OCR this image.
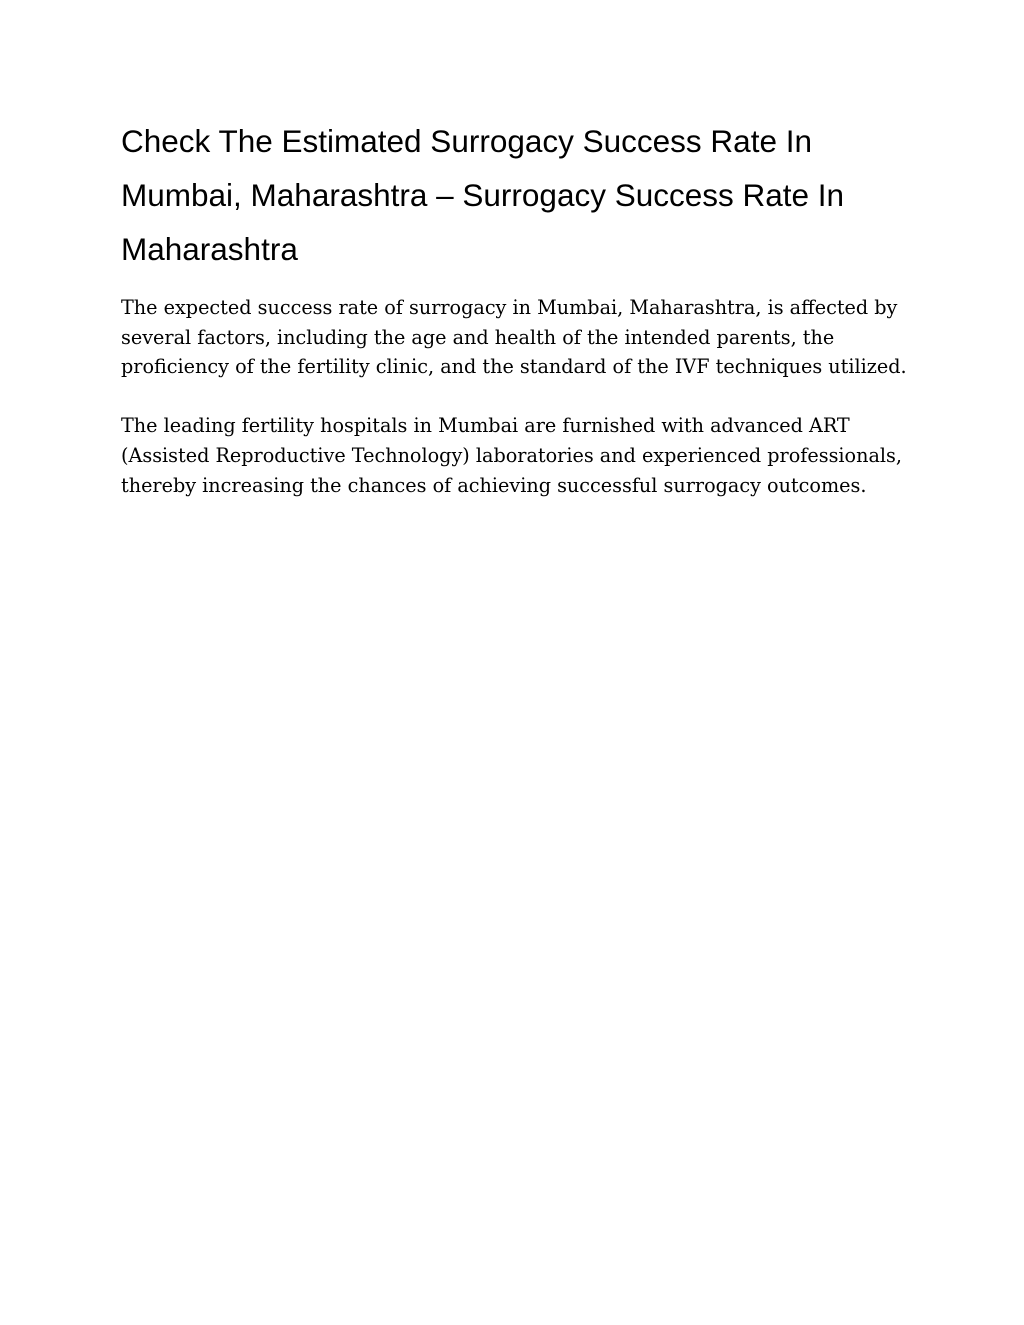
Check The Estimated Surrogacy Success Rate In Mumbai, Maharashtra – Surrogacy Success Rate In Maharashtra

The expected success rate of surrogacy in Mumbai, Maharashtra, is affected by several factors, including the age and health of the intended parents, the proficiency of the fertility clinic, and the standard of the IVF techniques utilized.

The leading fertility hospitals in Mumbai are furnished with advanced ART (Assisted Reproductive Technology) laboratories and experienced professionals, thereby increasing the chances of achieving successful surrogacy outcomes.
